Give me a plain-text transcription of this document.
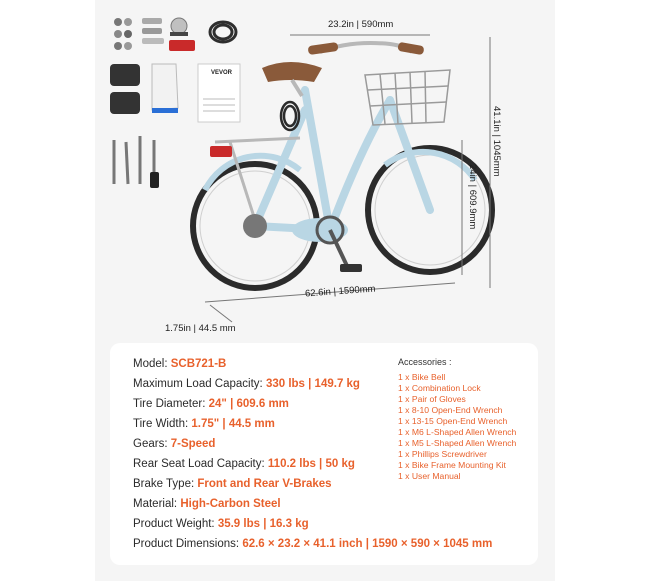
VEVOR
23.2in | 590mm
41.1in | 1045mm
24in | 609.9mm
62.6in | 1590mm
1.75in | 44.5 mm
Model: SCB721-B
Maximum Load Capacity: 330 lbs | 149.7 kg
Tire Diameter: 24" | 609.6 mm
Tire Width: 1.75" | 44.5 mm
Gears: 7-Speed
Rear Seat Load Capacity: 110.2 lbs | 50 kg
Brake Type: Front and Rear V-Brakes
Material: High-Carbon Steel
Product Weight: 35.9 lbs | 16.3 kg
Product Dimensions: 62.6 × 23.2 × 41.1 inch | 1590 × 590 × 1045 mm
Accessories :
1 x Bike Bell
1 x Combination Lock
1 x Pair of Gloves
1 x 8-10 Open-End Wrench
1 x 13-15 Open-End Wrench
1 x M6 L-Shaped Allen Wrench
1 x M5 L-Shaped Allen Wrench
1 x Phillips Screwdriver
1 x Bike Frame Mounting Kit
1 x User Manual
